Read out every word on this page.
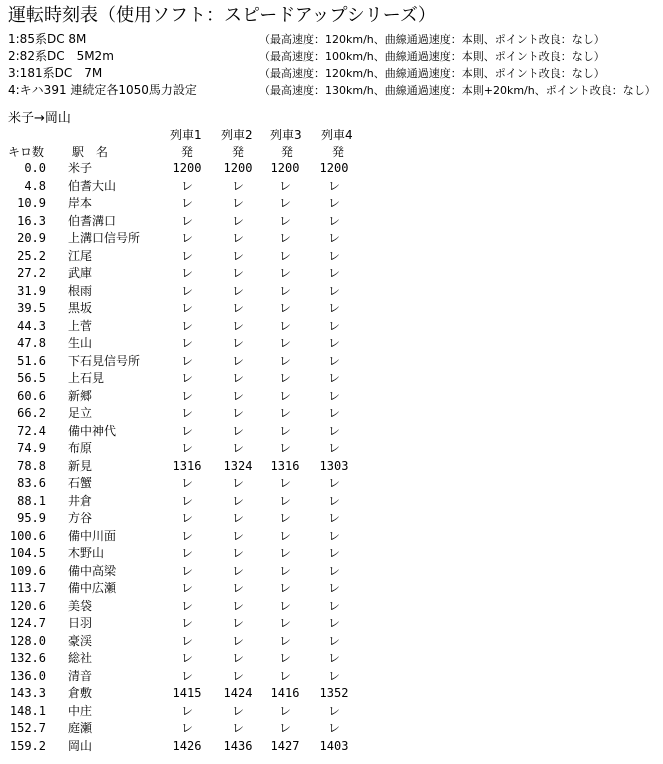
運転時刻表（使用ソフト：スピードアップシリーズ）
1:85系DC 8M	（最高速度：120km/h、曲線通過速度：本則、ポイント改良：なし）
2:82系DC　5M2m	（最高速度：100km/h、曲線通過速度：本則、ポイント改良：なし）
3:181系DC　7M	（最高速度：120km/h、曲線通過速度：本則、ポイント改良：なし）
4:キハ391 連続定各1050馬力設定	（最高速度：130km/h、曲線通過速度：本則+20km/h、ポイント改良：なし）
米子→岡山
列車1 列車2 列車3 列車4
キロ数 駅　名	発	発	発	発
0.0 米子	1200	1200	1200	1200
4.8 伯耆大山	レ	レ	レ	レ
10.9 岸本	レ	レ	レ	レ
16.3 伯耆溝口	レ	レ	レ	レ
20.9 上溝口信号所	レ	レ	レ	レ
25.2 江尾	レ	レ	レ	レ
27.2 武庫	レ	レ	レ	レ
31.9 根雨	レ	レ	レ	レ
39.5 黒坂	レ	レ	レ	レ
44.3 上菅	レ	レ	レ	レ
47.8 生山	レ	レ	レ	レ
51.6 下石見信号所	レ	レ	レ	レ
56.5 上石見	レ	レ	レ	レ
60.6 新郷	レ	レ	レ	レ
66.2 足立	レ	レ	レ	レ
72.4 備中神代	レ	レ	レ	レ
74.9 布原	レ	レ	レ	レ
78.8 新見	1316	1324	1316	1303
83.6 石蟹	レ	レ	レ	レ
88.1 井倉	レ	レ	レ	レ
95.9 方谷	レ	レ	レ	レ
100.6 備中川面	レ	レ	レ	レ
104.5 木野山	レ	レ	レ	レ
109.6 備中高梁	レ	レ	レ	レ
113.7 備中広瀬	レ	レ	レ	レ
120.6 美袋	レ	レ	レ	レ
124.7 日羽	レ	レ	レ	レ
128.0 豪渓	レ	レ	レ	レ
132.6 総社	レ	レ	レ	レ
136.0 清音	レ	レ	レ	レ
143.3 倉敷	1415	1424	1416	1352
148.1 中庄	レ	レ	レ	レ
152.7 庭瀬	レ	レ	レ	レ
159.2 岡山	1426	1436	1427	1403
